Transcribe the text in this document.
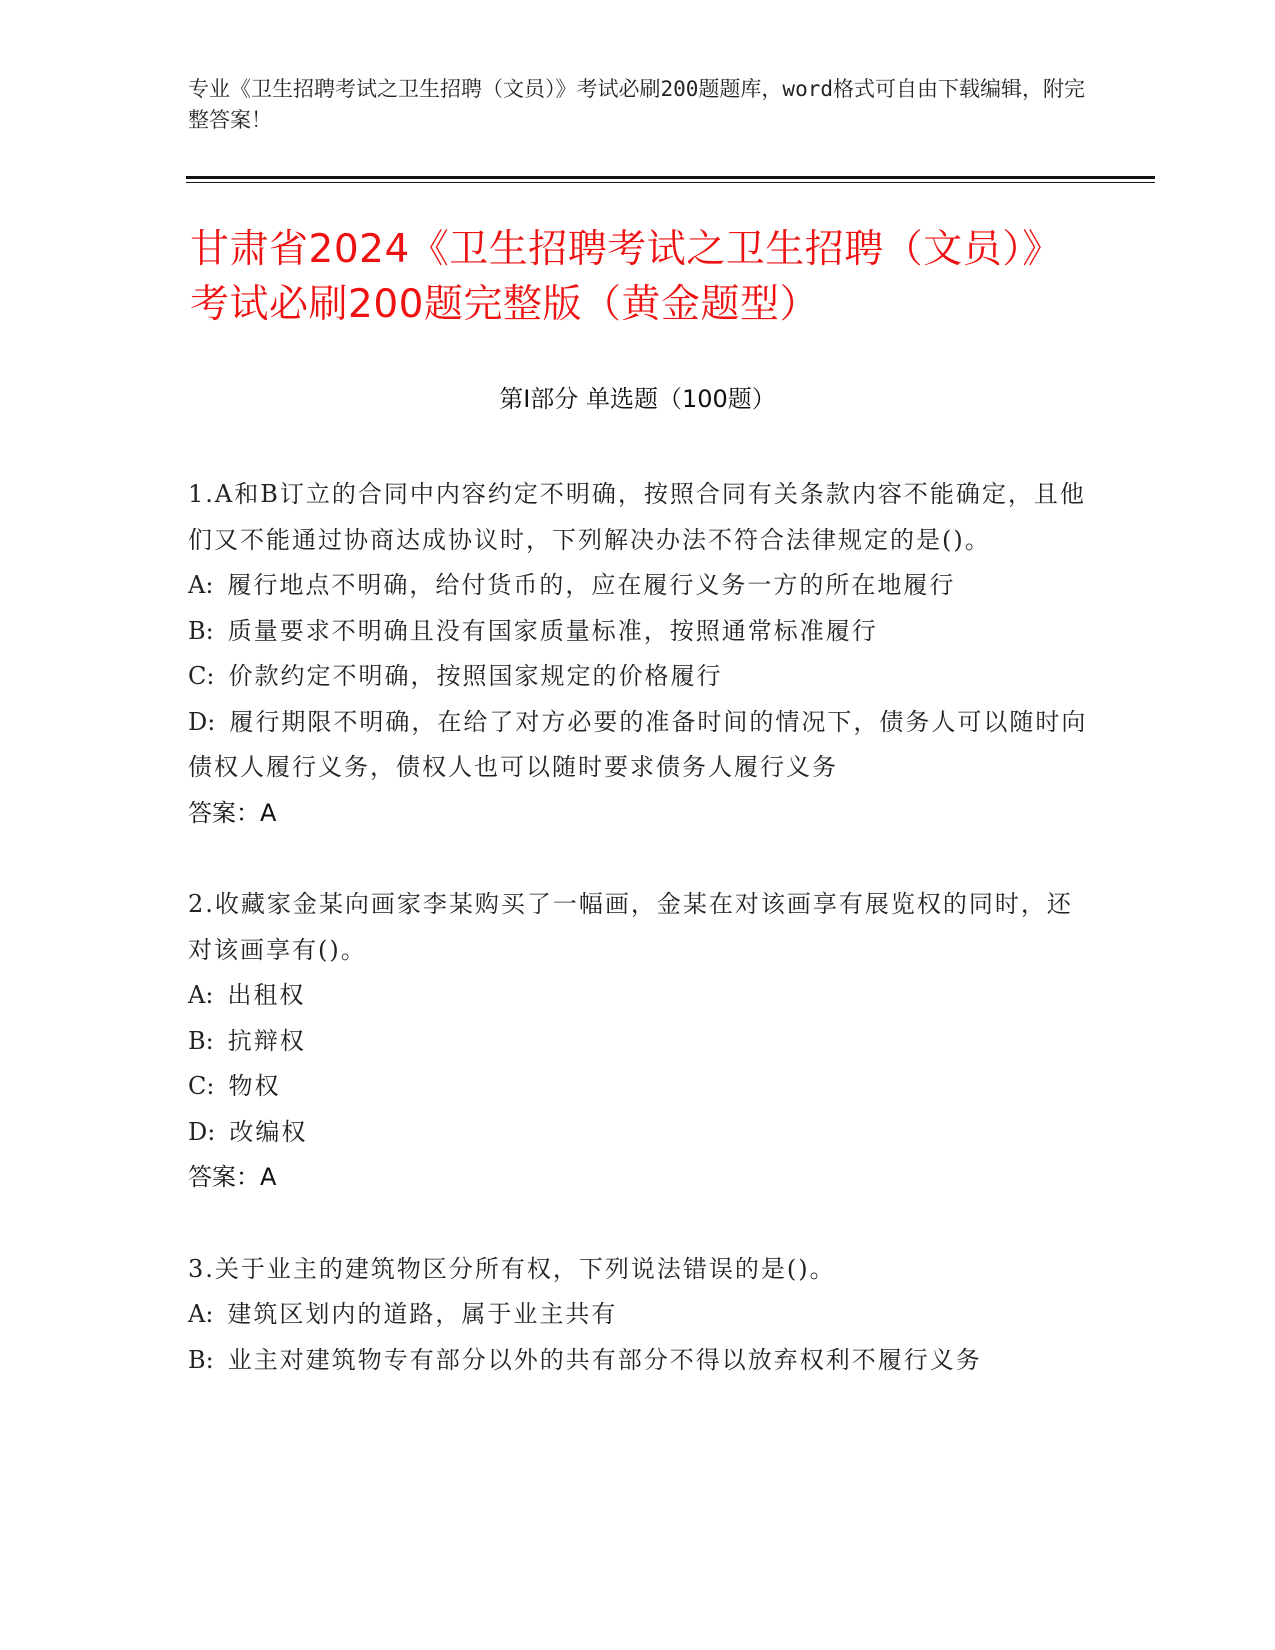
专业《卫生招聘考试之卫生招聘（文员）》考试必刷200题题库，word格式可自由下载编辑，附完整答案！
甘肃省2024《卫生招聘考试之卫生招聘（文员）》考试必刷200题完整版（黄金题型）
第I部分 单选题（100题）
1.A和B订立的合同中内容约定不明确，按照合同有关条款内容不能确定，且他们又不能通过协商达成协议时，下列解决办法不符合法律规定的是()。
A: 履行地点不明确，给付货币的，应在履行义务一方的所在地履行
B: 质量要求不明确且没有国家质量标准，按照通常标准履行
C: 价款约定不明确，按照国家规定的价格履行
D: 履行期限不明确，在给了对方必要的准备时间的情况下，债务人可以随时向债权人履行义务，债权人也可以随时要求债务人履行义务
答案：A
2.收藏家金某向画家李某购买了一幅画，金某在对该画享有展览权的同时，还对该画享有()。
A: 出租权
B: 抗辩权
C: 物权
D: 改编权
答案：A
3.关于业主的建筑物区分所有权，下列说法错误的是()。
A: 建筑区划内的道路，属于业主共有
B: 业主对建筑物专有部分以外的共有部分不得以放弃权利不履行义务
